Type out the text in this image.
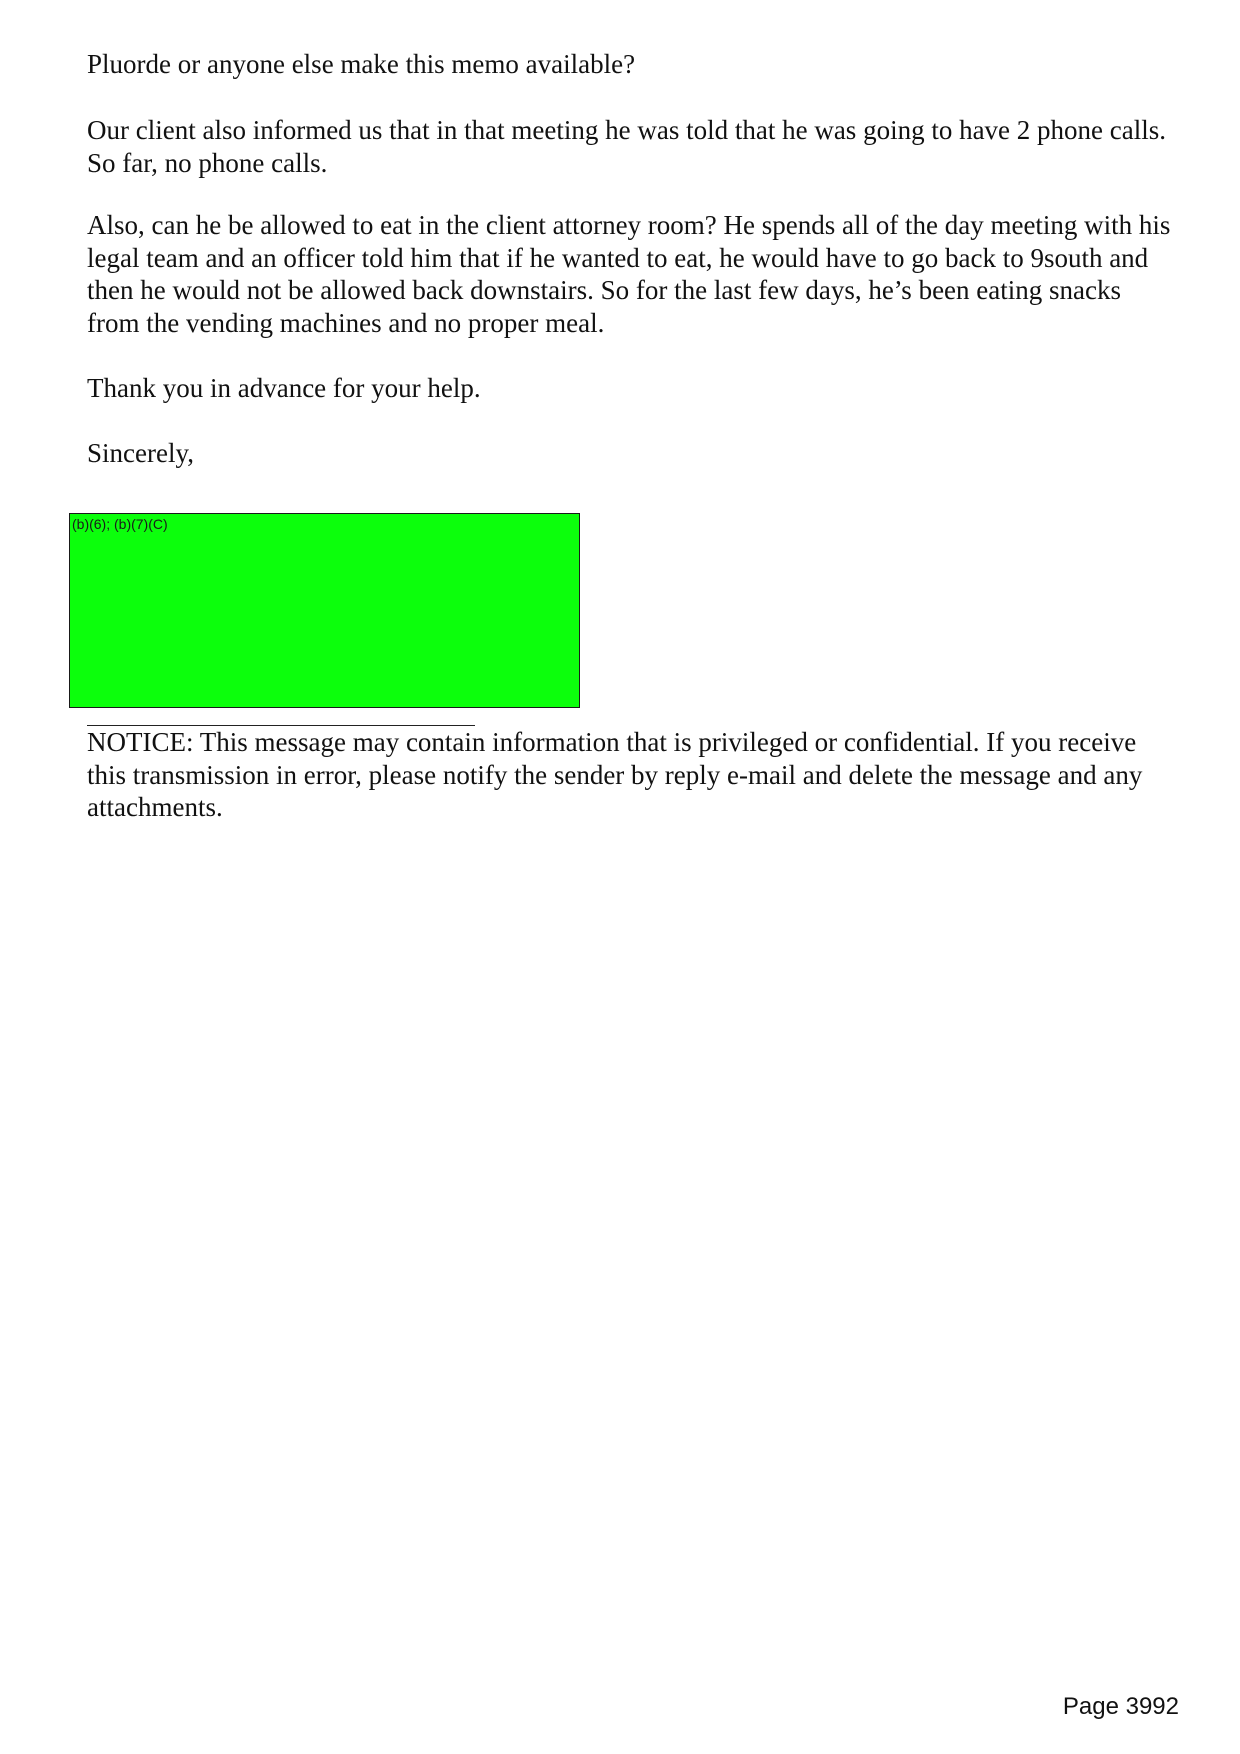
Pluorde or anyone else make this memo available?

Our client also informed us that in that meeting he was told that he was going to have 2 phone calls. So far, no phone calls.

Also, can he be allowed to eat in the client attorney room? He spends all of the day meeting with his legal team and an officer told him that if he wanted to eat, he would have to go back to 9south and then he would not be allowed back downstairs. So for the last few days, he’s been eating snacks from the vending machines and no proper meal.

Thank you in advance for your help.

Sincerely,

(b)(6); (b)(7)(C)

NOTICE: This message may contain information that is privileged or confidential. If you receive this transmission in error, please notify the sender by reply e-mail and delete the message and any attachments.

Page 3992
